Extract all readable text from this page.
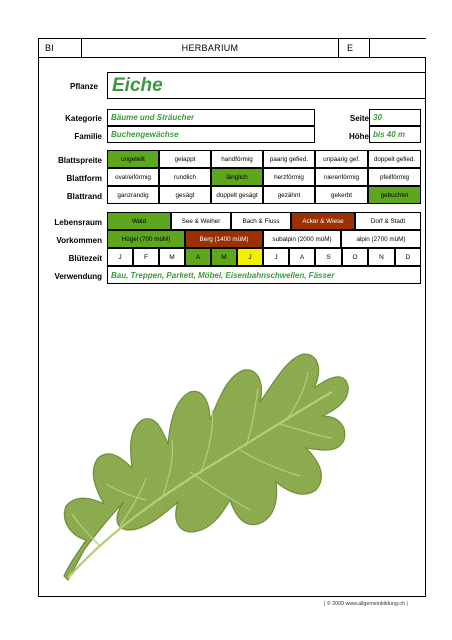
BI	HERBARIUM	E
Pflanze Eiche
Kategorie	Bäume und Sträucher	Seite 30
Familie	Buchengewächse	Höhe bis 40 m
Blattspreite	ungeteilt	gelappt	handförmig	paarig gefied.	unpaarig gef.	doppelt gefied.
Blattform	oval/eiförmig	rundlich	länglich	herzförmig	nierenförmig	pfeilförmig
Blattrand	ganzrandig	gesägt	doppelt gesägt	gezähnt	gekerbt	gebuchtet
Lebensraum	Wald	See & Weiher	Bach & Fluss	Acker & Wiese	Dorf & Stadt
Vorkommen	Hügel (700 müM)	Berg (1400 müM)	subalpin (2000 müM)	alpin (2700 müM)
Blütezeit	J	F	M	A	M	J	J	A	S	O	N	D
Verwendung	Bau, Treppen, Parkett, Möbel, Eisenbahnschwellen, Fässer
| © 2009 www.allgemeinbildung.ch |
